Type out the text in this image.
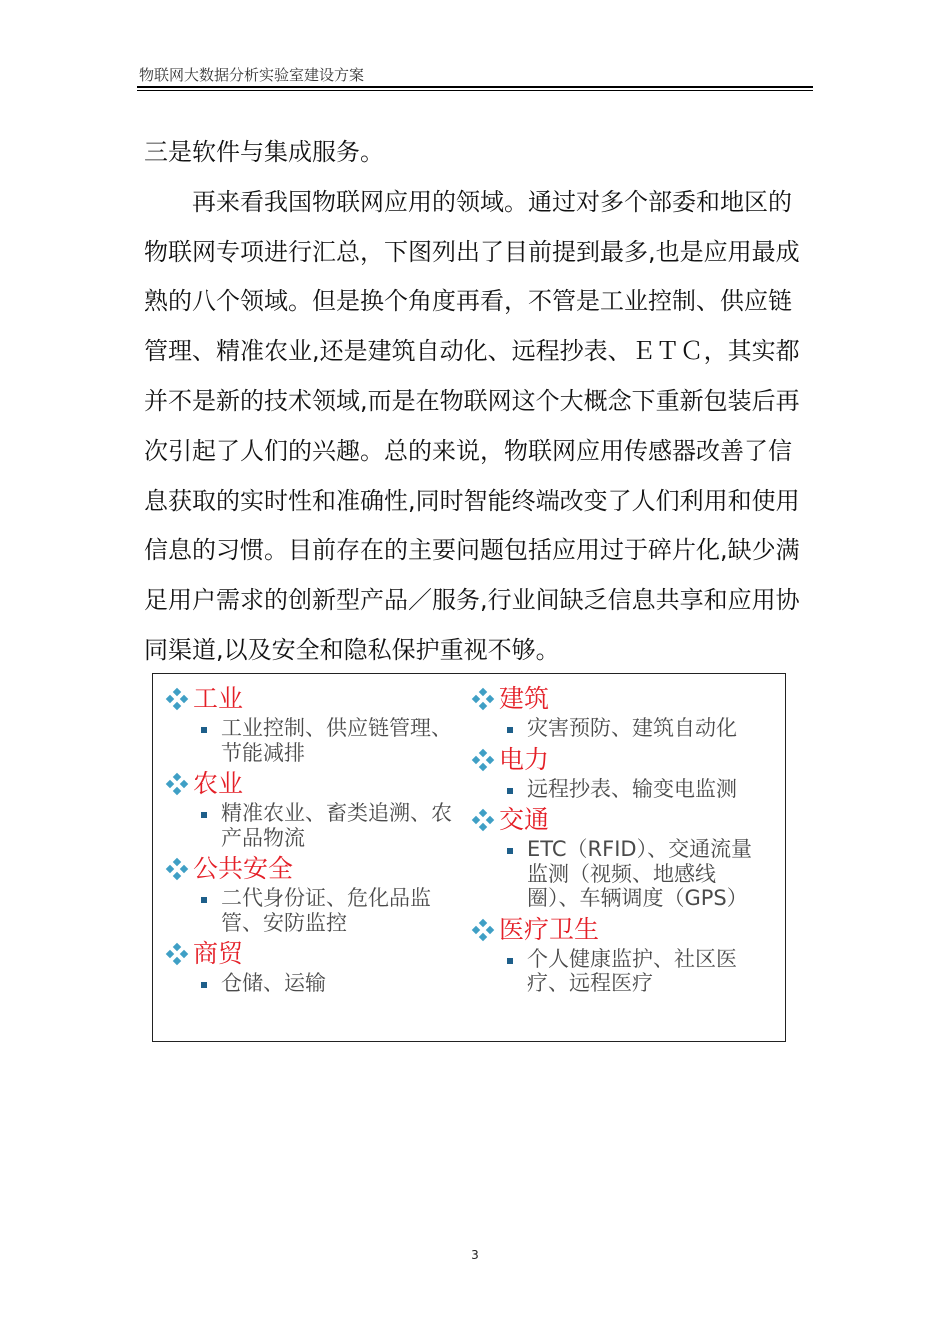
物联网大数据分析实验室建设方案

三是软件与集成服务。

再来看我国物联网应用的领域。通过对多个部委和地区的物联网专项进行汇总，下图列出了目前提到最多,也是应用最成熟的八个领域。但是换个角度再看，不管是工业控制、供应链管理、精准农业,还是建筑自动化、远程抄表、ＥＴＣ，其实都并不是新的技术领域,而是在物联网这个大概念下重新包装后再次引起了人们的兴趣。总的来说，物联网应用传感器改善了信息获取的实时性和准确性,同时智能终端改变了人们利用和使用信息的习惯。目前存在的主要问题包括应用过于碎片化,缺少满足用户需求的创新型产品／服务,行业间缺乏信息共享和应用协同渠道,以及安全和隐私保护重视不够。

工业
工业控制、供应链管理、节能减排
农业
精准农业、畜类追溯、农产品物流
公共安全
二代身份证、危化品监管、安防监控
商贸
仓储、运输
建筑
灾害预防、建筑自动化
电力
远程抄表、输变电监测
交通
ETC（RFID）、交通流量监测（视频、地感线圈）、车辆调度（GPS）
医疗卫生
个人健康监护、社区医疗、远程医疗
3
